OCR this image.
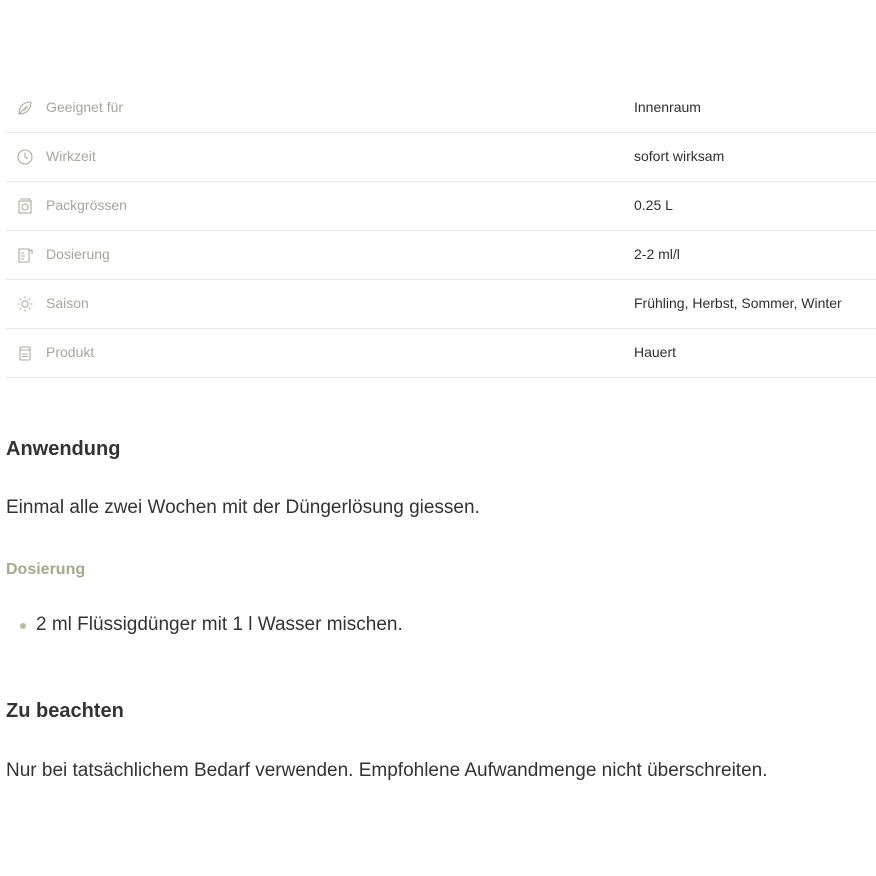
Geeignet für	Innenraum
Wirkzeit	sofort wirksam
Packgrössen	0.25 L
Dosierung	2-2 ml/l
Saison	Frühling, Herbst, Sommer, Winter
Produkt	Hauert
Anwendung

Einmal alle zwei Wochen mit der Düngerlösung giessen.

Dosierung

2 ml Flüssigdünger mit 1 l Wasser mischen.
Zu beachten

Nur bei tatsächlichem Bedarf verwenden. Empfohlene Aufwandmenge nicht überschreiten.
